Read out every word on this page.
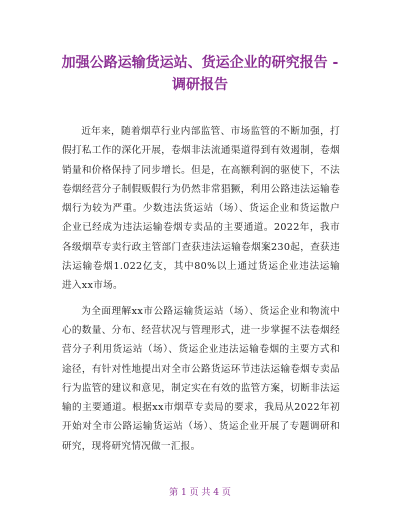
加强公路运输货运站、货运企业的研究报告 -
调研报告

近年来，随着烟草行业内部监管、市场监管的不断加强，打假打私工作的深化开展，卷烟非法流通渠道得到有效遏制，卷烟销量和价格保持了同步增长。但是，在高额利润的驱使下，不法卷烟经营分子制假贩假行为仍然非常猖獗，利用公路违法运输卷烟行为较为严重。少数违法货运站（场）、货运企业和货运散户企业已经成为违法运输卷烟专卖品的主要通道。2022年，我市各级烟草专卖行政主管部门查获违法运输卷烟案230起，查获违法运输卷烟1.022亿支，其中80%以上通过货运企业违法运输进入xx市场。

为全面理解xx市公路运输货运站（场）、货运企业和物流中心的数量、分布、经营状况与管理形式，进一步掌握不法卷烟经营分子利用货运站（场）、货运企业违法运输卷烟的主要方式和途径，有针对性地提出对全市公路货运环节违法运输卷烟专卖品行为监管的建议和意见，制定实在有效的监管方案，切断非法运输的主要通道。根据xx市烟草专卖局的要求，我局从2022年初开始对全市公路运输货运站（场）、货运企业开展了专题调研和研究，现将研究情况做一汇报。

第 1 页 共 4 页
